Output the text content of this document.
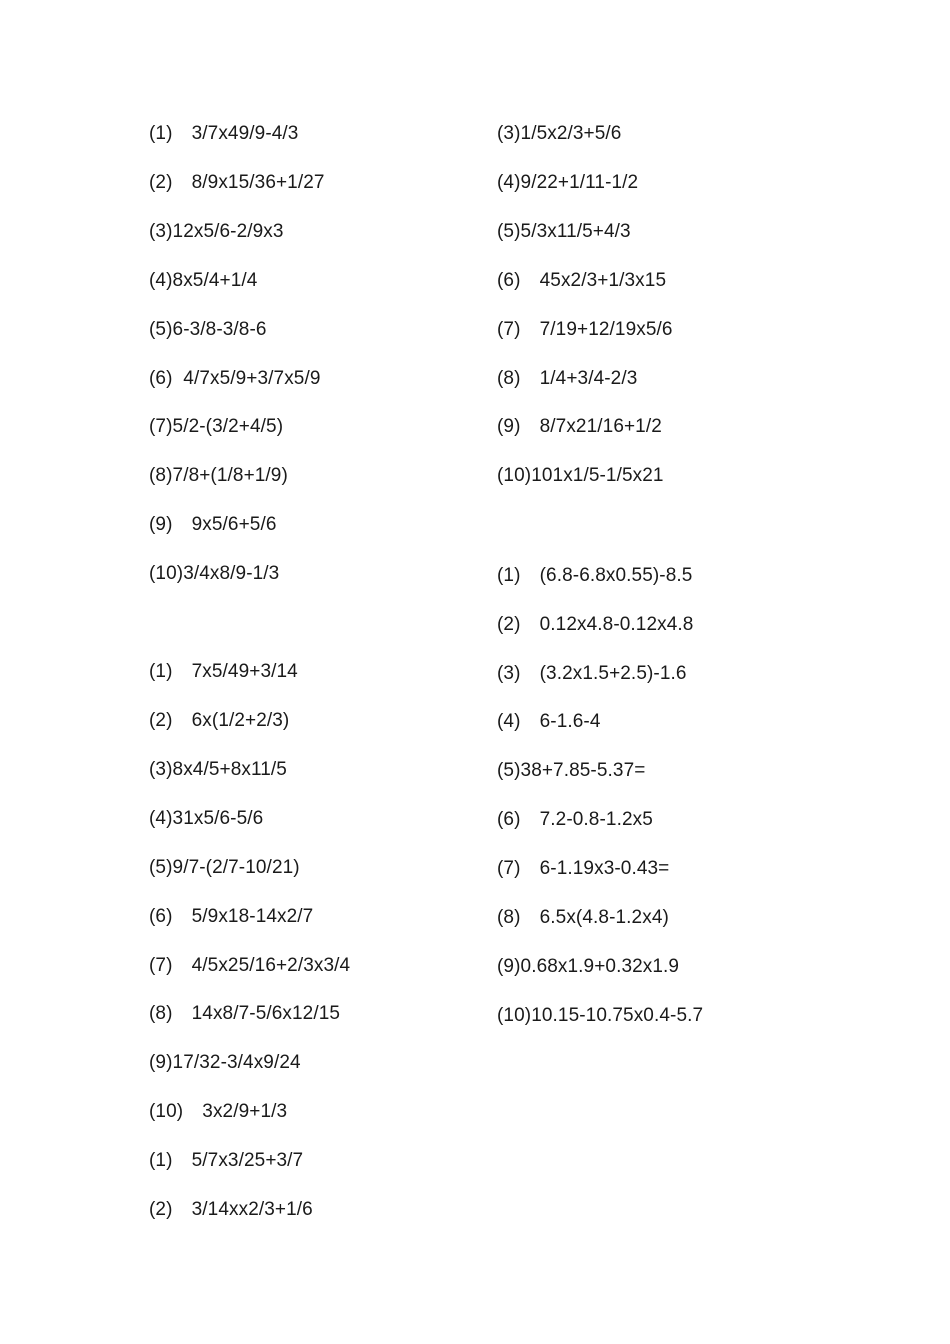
(1)　3/7x49/9-4/3
(2)　8/9x15/36+1/27
(3)12x5/6-2/9x3
(4)8x5/4+1/4
(5)6-3/8-3/8-6
(6)  4/7x5/9+3/7x5/9
(7)5/2-(3/2+4/5)
(8)7/8+(1/8+1/9)
(9)　9x5/6+5/6
(10)3/4x8/9-1/3
(1)　7x5/49+3/14
(2)　6x(1/2+2/3)
(3)8x4/5+8x11/5
(4)31x5/6-5/6
(5)9/7-(2/7-10/21)
(6)　5/9x18-14x2/7
(7)　4/5x25/16+2/3x3/4
(8)　14x8/7-5/6x12/15
(9)17/32-3/4x9/24
(10)　3x2/9+1/3
(1)　5/7x3/25+3/7
(2)　3/14xx2/3+1/6
(3)1/5x2/3+5/6
(4)9/22+1/11-1/2
(5)5/3x11/5+4/3
(6)　45x2/3+1/3x15
(7)　7/19+12/19x5/6
(8)　1/4+3/4-2/3
(9)　8/7x21/16+1/2
(10)101x1/5-1/5x21
(1)　(6.8-6.8x0.55)-8.5
(2)　0.12x4.8-0.12x4.8
(3)　(3.2x1.5+2.5)-1.6
(4)　6-1.6-4
(5)38+7.85-5.37=
(6)　7.2-0.8-1.2x5
(7)　6-1.19x3-0.43=
(8)　6.5x(4.8-1.2x4)
(9)0.68x1.9+0.32x1.9
(10)10.15-10.75x0.4-5.7
